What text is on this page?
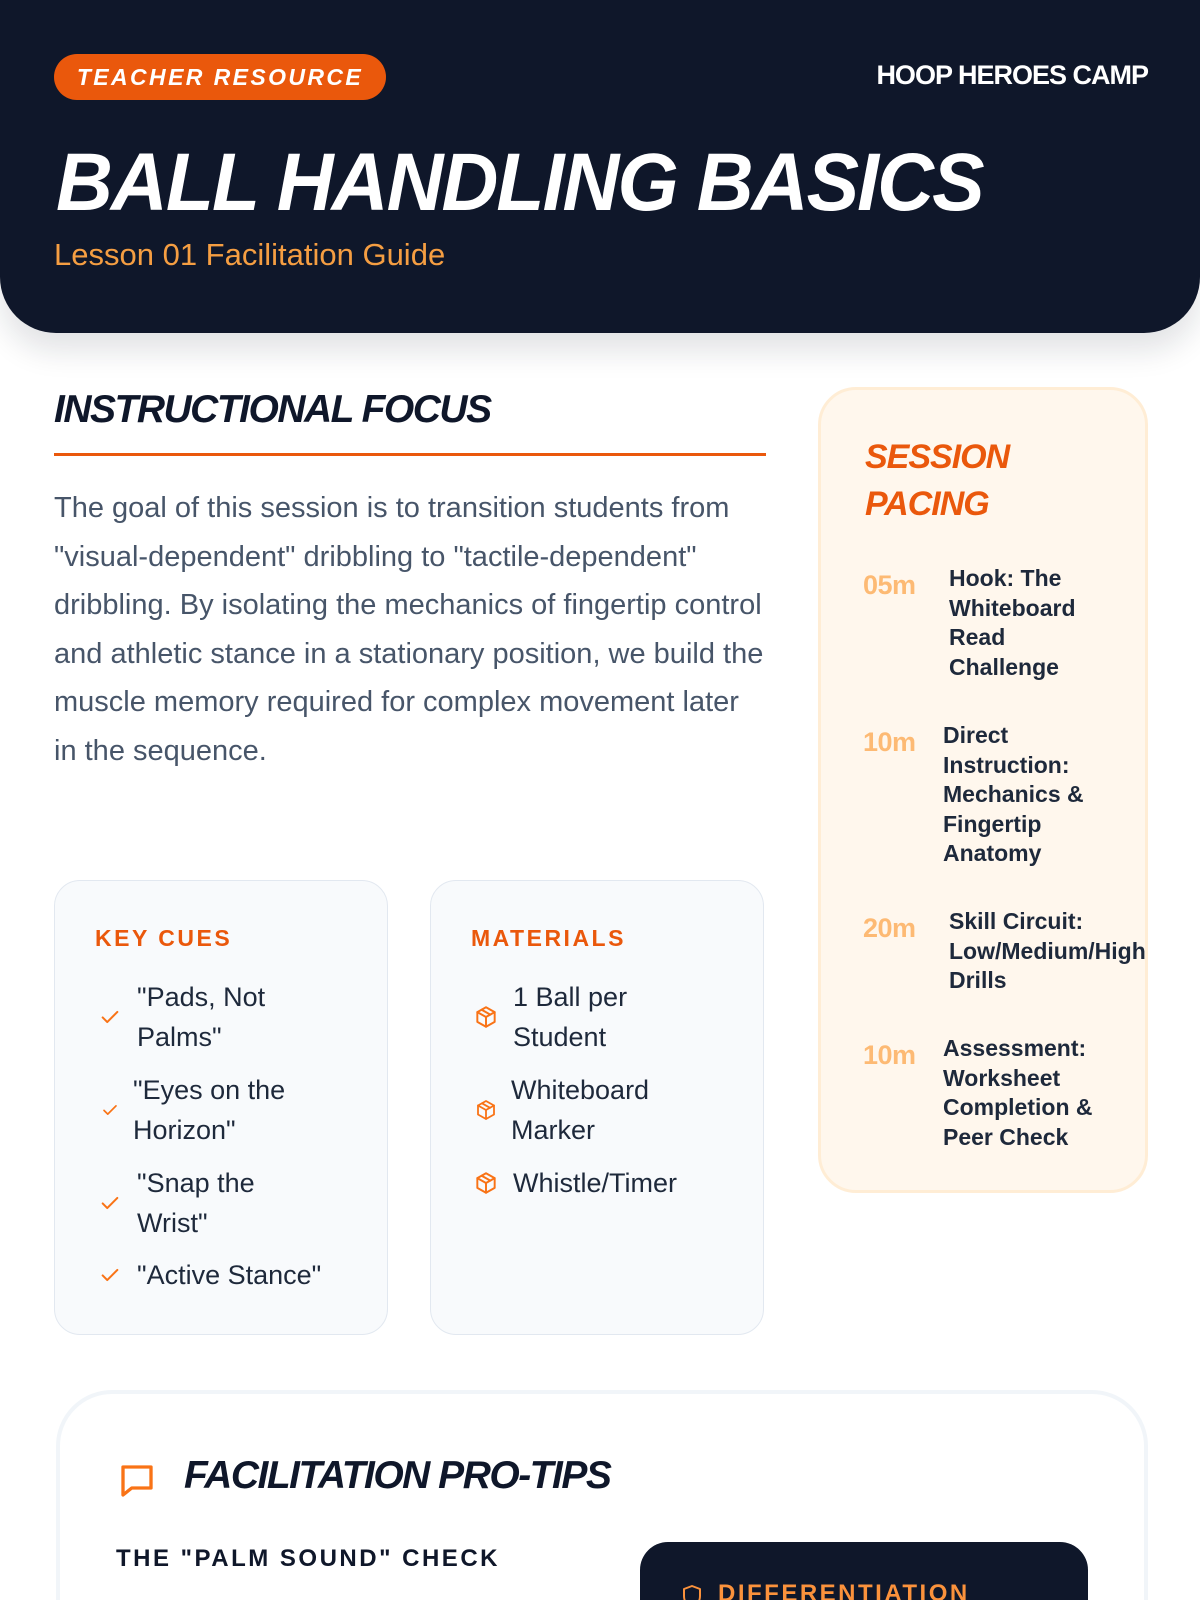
TEACHER RESOURCE	HOOP HEROES CAMP
BALL HANDLING BASICS
Lesson 01 Facilitation Guide
INSTRUCTIONAL FOCUS

The goal of this session is to transition students from "visual-dependent" dribbling to "tactile-dependent" dribbling. By isolating the mechanics of fingertip control and athletic stance in a stationary position, we build the muscle memory required for complex movement later in the sequence.

KEY CUES
"Pads, Not
Palms"
"Eyes on the
Horizon"
"Snap the
Wrist"
"Active Stance"
MATERIALS
1 Ball per
Student
Whiteboard
Marker
Whistle/Timer
SESSION
PACING
05m Hook: The
Whiteboard
Read
Challenge
10m Direct
Instruction:
Mechanics &
Fingertip
Anatomy
20m Skill Circuit:
Low/Medium/High
Drills
10m Assessment:
Worksheet
Completion &
Peer Check
FACILITATION PRO-TIPS
THE "PALM SOUND" CHECK
DIFFERENTIATION
